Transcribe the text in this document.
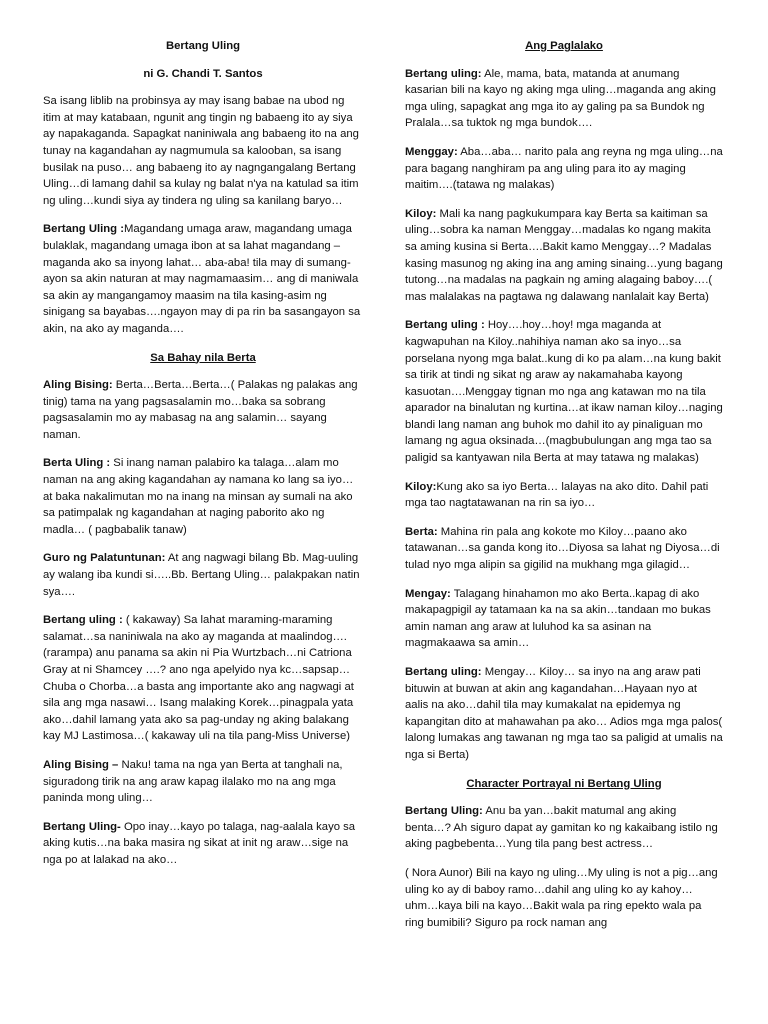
Bertang Uling

ni G. Chandi T. Santos

Sa isang liblib na probinsya ay may isang babae na ubod ng itim at may katabaan, ngunit ang tingin ng babaeng ito ay siya ay napakaganda. Sapagkat naniniwala ang babaeng ito na ang tunay na kagandahan ay nagmumula sa kalooban, sa isang busilak na puso… ang babaeng ito ay nagngangalang Bertang Uling…di lamang dahil sa kulay ng balat n'ya na katulad sa itim ng uling…kundi siya ay tindera ng uling sa kanilang baryo…

Bertang Uling :Magandang umaga araw, magandang umaga bulaklak, magandang umaga ibon at sa lahat magandang –maganda ako sa inyong lahat… aba-aba! tila may di sumang-ayon sa akin naturan at may nagmamaasim… ang di maniwala sa akin ay mangangamoy maasim na tila kasing-asim ng sinigang sa bayabas….ngayon may di pa rin ba sasangayon sa akin, na ako ay maganda….

Sa Bahay nila Berta

Aling Bising: Berta…Berta…Berta…( Palakas ng palakas ang tinig) tama na yang pagsasalamin mo…baka sa sobrang pagsasalamin mo ay mabasag na ang salamin… sayang naman.

Berta Uling : Si inang naman palabiro ka talaga…alam mo naman na ang aking kagandahan ay namana ko lang sa iyo… at baka nakalimutan mo na inang na minsan ay sumali na ako sa patimpalak ng kagandahan at naging paborito ako ng madla… ( pagbabalik tanaw)

Guro ng Palatuntunan: At ang nagwagi bilang Bb. Mag-uuling ay walang iba kundi si…..Bb. Bertang Uling… palakpakan natin sya….

Bertang uling : ( kakaway) Sa lahat maraming-maraming salamat…sa naniniwala na ako ay maganda at maalindog….(rarampa) anu panama sa akin ni Pia Wurtzbach…ni Catriona Gray at ni Shamcey ….? ano nga apelyido nya kc…sapsap…Chuba o Chorba…a basta ang importante ako ang nagwagi at sila ang mga nasawi… Isang malaking Korek…pinagpala yata ako…dahil lamang yata ako sa pag-unday ng aking balakang kay MJ Lastimosa…( kakaway uli na tila pang-Miss Universe)

Aling Bising – Naku! tama na nga yan Berta at tanghali na, siguradong tirik na ang araw kapag ilalako mo na ang mga paninda mong uling…

Bertang Uling- Opo inay…kayo po talaga, nag-aalala kayo sa aking kutis…na baka masira ng sikat at init ng araw…sige na nga po at lalakad na ako…

Ang Paglalako

Bertang uling: Ale, mama, bata, matanda at anumang kasarian bili na kayo ng aking mga uling…maganda ang aking mga uling, sapagkat ang mga ito ay galing pa sa Bundok ng Pralala…sa tuktok ng mga bundok….

Menggay: Aba…aba… narito pala ang reyna ng mga uling…na para bagang nanghiram pa ang uling para ito ay maging maitim….(tatawa ng malakas)

Kiloy: Mali ka nang pagkukumpara kay Berta sa kaitiman sa uling…sobra ka naman Menggay…madalas ko ngang makita sa aming kusina si Berta….Bakit kamo Menggay…? Madalas kasing masunog ng aking ina ang aming sinaing…yung bagang tutong…na madalas na pagkain ng aming alagaing baboy….( mas malalakas na pagtawa ng dalawang nanlalait kay Berta)

Bertang uling : Hoy….hoy…hoy! mga maganda at kagwapuhan na Kiloy..nahihiya naman ako sa inyo…sa porselana nyong mga balat..kung di ko pa alam…na kung bakit sa tirik at tindi ng sikat ng araw ay nakamahaba kayong kasuotan….Menggay tignan mo nga ang katawan mo na tila aparador na binalutan ng kurtina…at ikaw naman kiloy…naging blandi lang naman ang buhok mo dahil ito ay pinaliguan mo lamang ng agua oksinada…(magbubulungan ang mga tao sa paligid sa kantyawan nila Berta at may tatawa ng malakas)

Kiloy:Kung ako sa iyo Berta… lalayas na ako dito. Dahil pati mga tao nagtatawanan na rin sa iyo…

Berta: Mahina rin pala ang kokote mo Kiloy…paano ako tatawanan…sa ganda kong ito…Diyosa sa lahat ng Diyosa…di tulad nyo mga alipin sa gigilid na mukhang mga gilagid…

Mengay: Talagang hinahamon mo ako Berta..kapag di ako makapagpigil ay tatamaan ka na sa akin…tandaan mo bukas amin naman ang araw at luluhod ka sa asinan na magmakaawa sa amin…

Bertang uling: Mengay… Kiloy… sa inyo na ang araw pati bituwin at buwan at akin ang kagandahan…Hayaan nyo at aalis na ako…dahil tila may kumakalat na epidemya ng kapangitan dito at mahawahan pa ako… Adios mga mga palos( lalong lumakas ang tawanan ng mga tao sa paligid at umalis na nga si Berta)

Character Portrayal ni Bertang Uling

Bertang Uling: Anu ba yan…bakit matumal ang aking benta…? Ah siguro dapat ay gamitan ko ng kakaibang istilo ng aking pagbebenta…Yung tila pang best actress…

( Nora Aunor) Bili na kayo ng uling…My uling is not a pig…ang uling ko ay di baboy ramo…dahil ang uling ko ay kahoy…uhm…kaya bili na kayo…Bakit wala pa ring epekto wala pa ring bumibili? Siguro pa rock naman ang
